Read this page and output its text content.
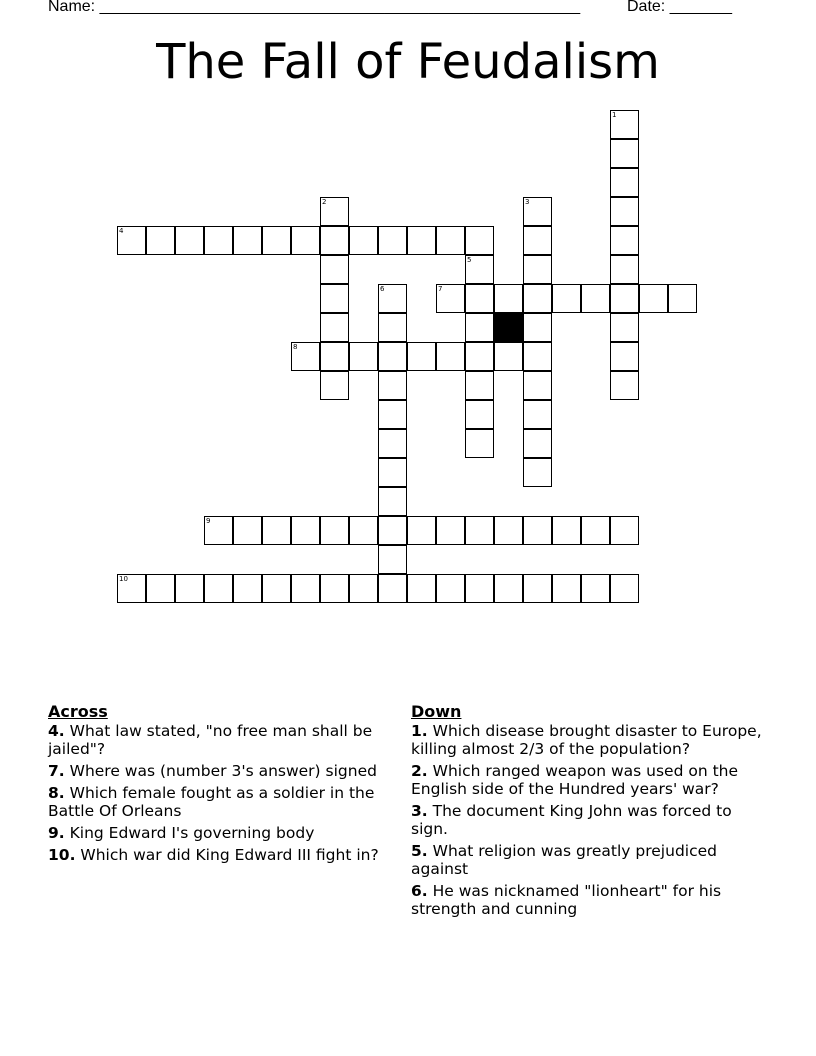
Name: ______________________________________________________	Date: _______
The Fall of Feudalism
1
2	3
4
5
6	7
8
9
10
Across
4. What law stated, "no free man shall be jailed"?
7. Where was (number 3's answer) signed
8. Which female fought as a soldier in the Battle Of Orleans
9. King Edward I's governing body
10. Which war did King Edward III fight in?
Down
1. Which disease brought disaster to Europe, killing almost 2/3 of the population?
2. Which ranged weapon was used on the English side of the Hundred years' war?
3. The document King John was forced to sign.
5. What religion was greatly prejudiced against
6. He was nicknamed "lionheart" for his strength and cunning
